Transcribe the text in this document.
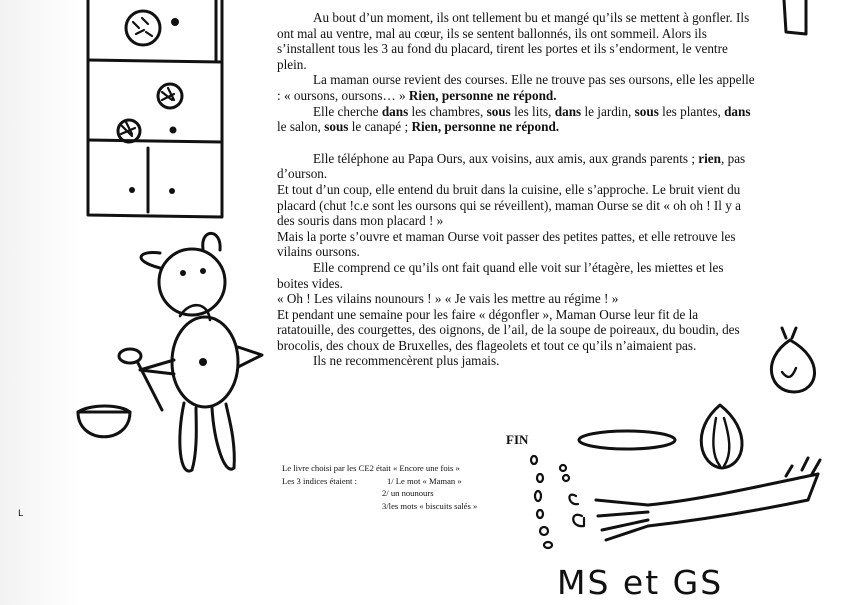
Au bout d’un moment, ils ont tellement bu et mangé qu’ils se mettent à gonfler. Ils ont mal au ventre, mal au cœur, ils se sentent ballonnés, ils ont sommeil. Alors ils s’installent tous les 3 au fond du placard, tirent les portes et ils s’endorment, le ventre plein.

La maman ourse revient des courses. Elle ne trouve pas ses oursons, elle les appelle : « oursons, oursons… » Rien, personne ne répond.

Elle cherche dans les chambres, sous les lits, dans le jardin, sous les plantes, dans le salon, sous le canapé ; Rien, personne ne répond.

Elle téléphone au Papa Ours, aux voisins, aux amis, aux grands parents ; rien, pas d’ourson.

Et tout d’un coup, elle entend du bruit dans la cuisine, elle s’approche. Le bruit vient du placard (chut !c.e sont les oursons qui se réveillent), maman Ourse se dit « oh oh ! Il y a des souris dans mon placard ! »

Mais la porte s’ouvre et maman Ourse voit passer des petites pattes, et elle retrouve les vilains oursons.

Elle comprend ce qu’ils ont fait quand elle voit sur l’étagère, les miettes et les boites vides.

« Oh ! Les vilains nounours ! » « Je vais les mettre au régime ! »

Et pendant une semaine pour les faire « dégonfler », Maman Ourse leur fit de la ratatouille, des courgettes, des oignons, de l’ail, de la soupe de poireaux, du boudin, des brocolis, des choux de Bruxelles, des flageolets et tout ce qu’ils n’aimaient pas.

Ils ne recommencèrent plus jamais.

FIN
Le livre choisi par les CE2 était « Encore une fois »
Les 3 indices étaient :	1/ Le mot « Maman »
2/ un nounours
3/les mots « biscuits salés »
MS et GS
L
